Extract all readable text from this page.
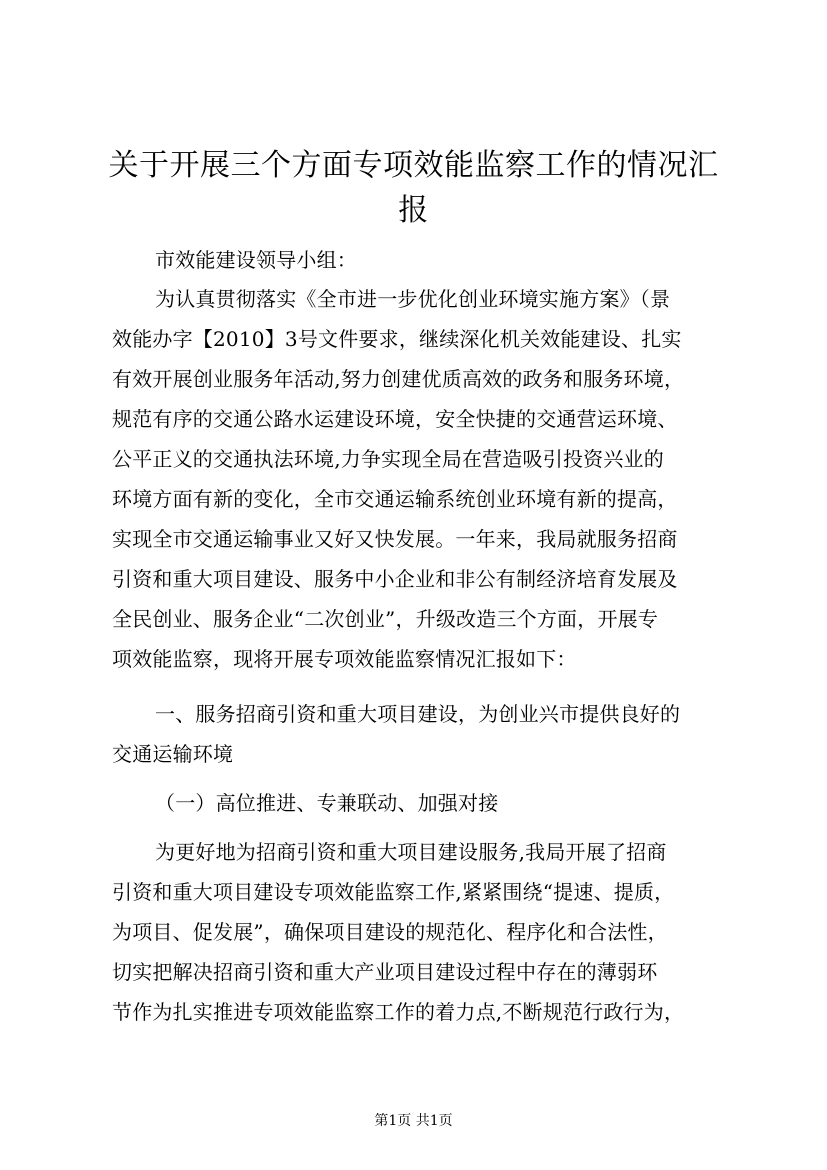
关于开展三个方面专项效能监察工作的情况汇
报
市效能建设领导小组：
为认真贯彻落实《全市进一步优化创业环境实施方案》（景
效能办字【2010】3号文件要求，继续深化机关效能建设、扎实
有效开展创业服务年活动,努力创建优质高效的政务和服务环境，
规范有序的交通公路水运建设环境，安全快捷的交通营运环境、
公平正义的交通执法环境,力争实现全局在营造吸引投资兴业的
环境方面有新的变化，全市交通运输系统创业环境有新的提高，
实现全市交通运输事业又好又快发展。一年来，我局就服务招商
引资和重大项目建设、服务中小企业和非公有制经济培育发展及
全民创业、服务企业“二次创业”，升级改造三个方面，开展专
项效能监察，现将开展专项效能监察情况汇报如下：
一、服务招商引资和重大项目建设，为创业兴市提供良好的
交通运输环境
（一）高位推进、专兼联动、加强对接
为更好地为招商引资和重大项目建设服务,我局开展了招商
引资和重大项目建设专项效能监察工作,紧紧围绕“提速、提质，
为项目、促发展”，确保项目建设的规范化、程序化和合法性，
切实把解决招商引资和重大产业项目建设过程中存在的薄弱环
节作为扎实推进专项效能监察工作的着力点,不断规范行政行为，
第1页 共1页
